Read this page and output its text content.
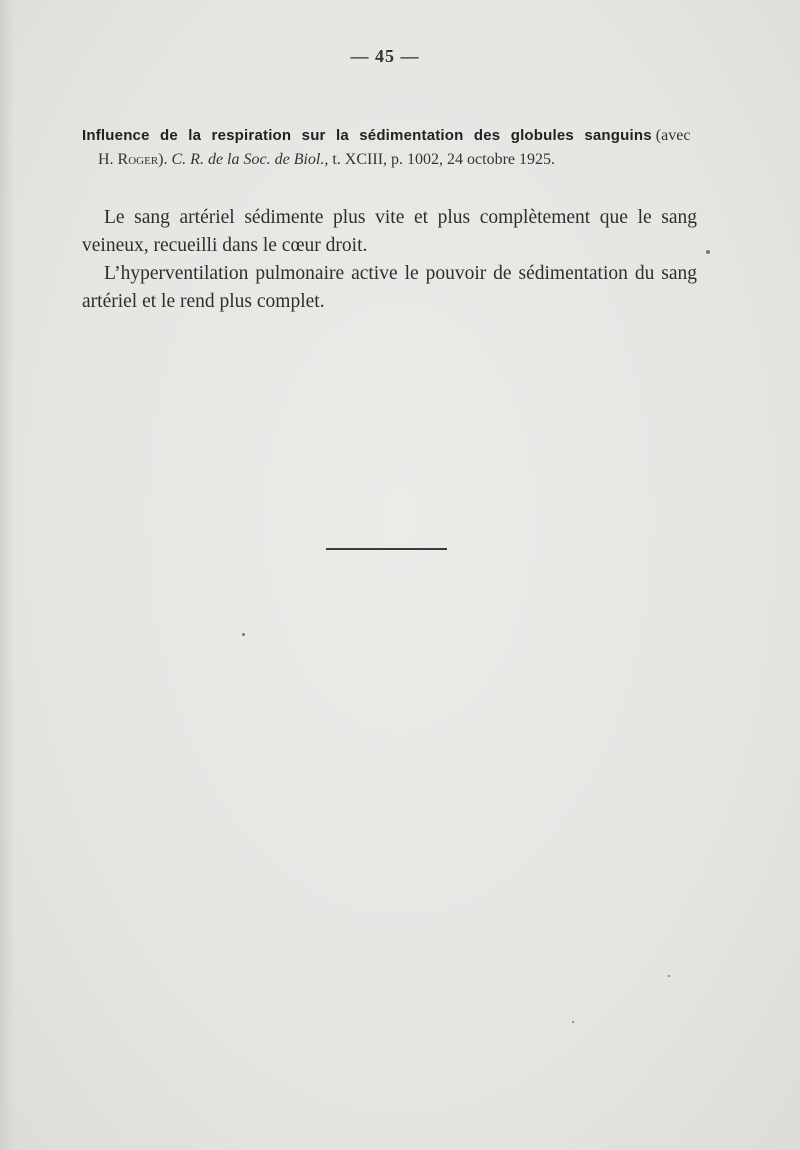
— 45 —
Influence de la respiration sur la sédimentation des globules sanguins (avec
H. Roger). C. R. de la Soc. de Biol., t. XCIII, p. 1002, 24 octobre 1925.

Le sang artériel sédimente plus vite et plus complètement que le sang veineux, recueilli dans le cœur droit.

L’hyperventilation pulmonaire active le pouvoir de sédimentation du sang artériel et le rend plus complet.
